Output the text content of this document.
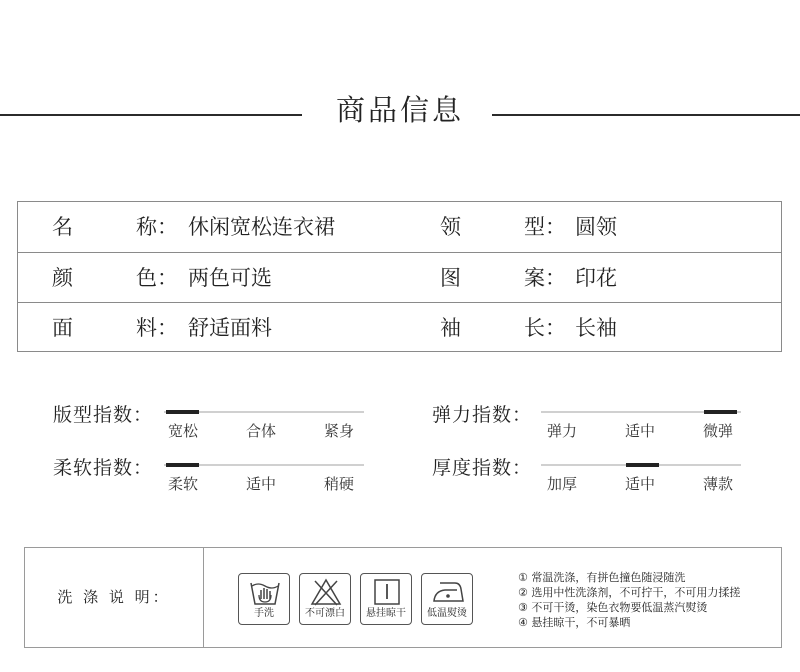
商品信息
名　　　称： 休闲宽松连衣裙	领　　　型： 圆领
颜　　　色： 两色可选	图　　　案： 印花
面　　　料： 舒适面料	袖　　　长： 长袖
版型指数：
宽松	合体	紧身
弹力指数：
弹力	适中	微弹
柔软指数：
柔软	适中	稍硬
厚度指数：
加厚	适中	薄款
洗 涤 说 明：
手洗	不可漂白	悬挂晾干	低温熨烫
① 常温洗涤，有拼色撞色随浸随洗
② 选用中性洗涤剂，不可拧干，不可用力揉搓
③ 不可干烫，染色衣物要低温蒸汽熨烫
④ 悬挂晾干，不可暴晒
